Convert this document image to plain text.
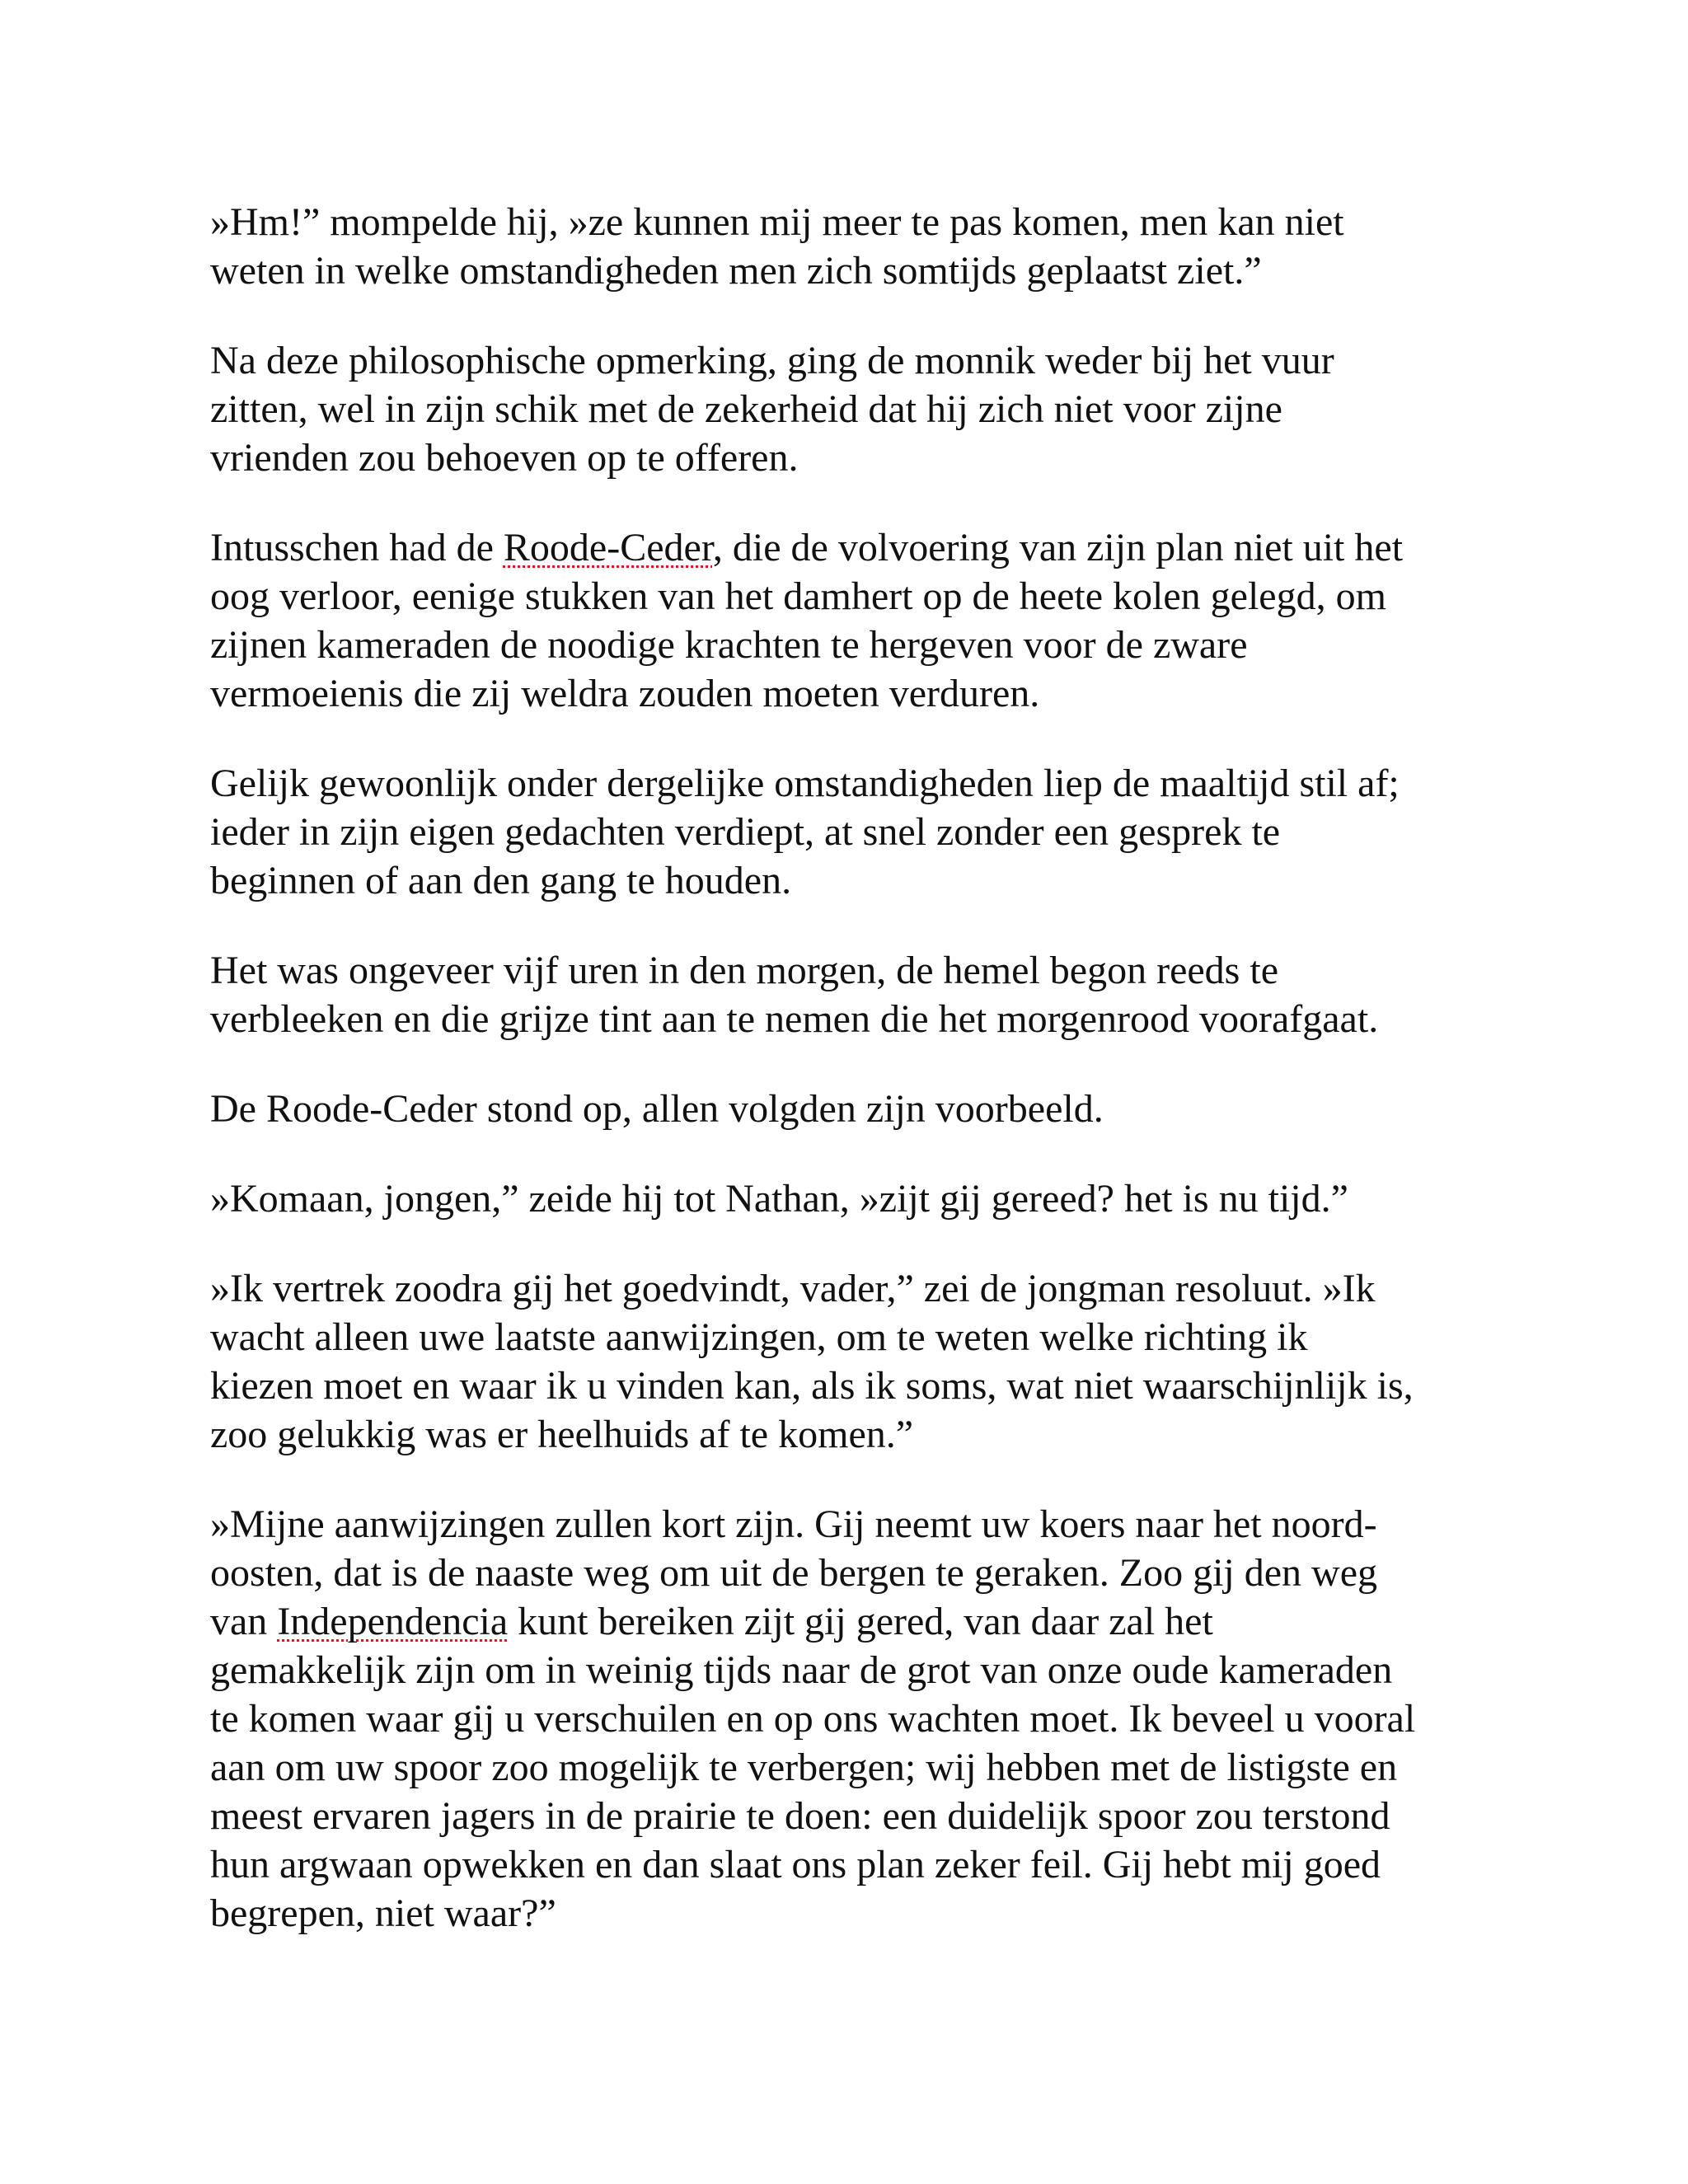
»Hm!” mompelde hij, »ze kunnen mij meer te pas komen, men kan niet
weten in welke omstandigheden men zich somtijds geplaatst ziet.”

Na deze philosophische opmerking, ging de monnik weder bij het vuur
zitten, wel in zijn schik met de zekerheid dat hij zich niet voor zijne
vrienden zou behoeven op te offeren.

Intusschen had de Roode-Ceder, die de volvoering van zijn plan niet uit het
oog verloor, eenige stukken van het damhert op de heete kolen gelegd, om
zijnen kameraden de noodige krachten te hergeven voor de zware
vermoeienis die zij weldra zouden moeten verduren.

Gelijk gewoonlijk onder dergelijke omstandigheden liep de maaltijd stil af;
ieder in zijn eigen gedachten verdiept, at snel zonder een gesprek te
beginnen of aan den gang te houden.

Het was ongeveer vijf uren in den morgen, de hemel begon reeds te
verbleeken en die grijze tint aan te nemen die het morgenrood voorafgaat.

De Roode-Ceder stond op, allen volgden zijn voorbeeld.

»Komaan, jongen,” zeide hij tot Nathan, »zijt gij gereed? het is nu tijd.”

»Ik vertrek zoodra gij het goedvindt, vader,” zei de jongman resoluut. »Ik
wacht alleen uwe laatste aanwijzingen, om te weten welke richting ik
kiezen moet en waar ik u vinden kan, als ik soms, wat niet waarschijnlijk is,
zoo gelukkig was er heelhuids af te komen.”

»Mijne aanwijzingen zullen kort zijn. Gij neemt uw koers naar het noord-
oosten, dat is de naaste weg om uit de bergen te geraken. Zoo gij den weg
van Independencia kunt bereiken zijt gij gered, van daar zal het
gemakkelijk zijn om in weinig tijds naar de grot van onze oude kameraden
te komen waar gij u verschuilen en op ons wachten moet. Ik beveel u vooral
aan om uw spoor zoo mogelijk te verbergen; wij hebben met de listigste en
meest ervaren jagers in de prairie te doen: een duidelijk spoor zou terstond
hun argwaan opwekken en dan slaat ons plan zeker feil. Gij hebt mij goed
begrepen, niet waar?”
